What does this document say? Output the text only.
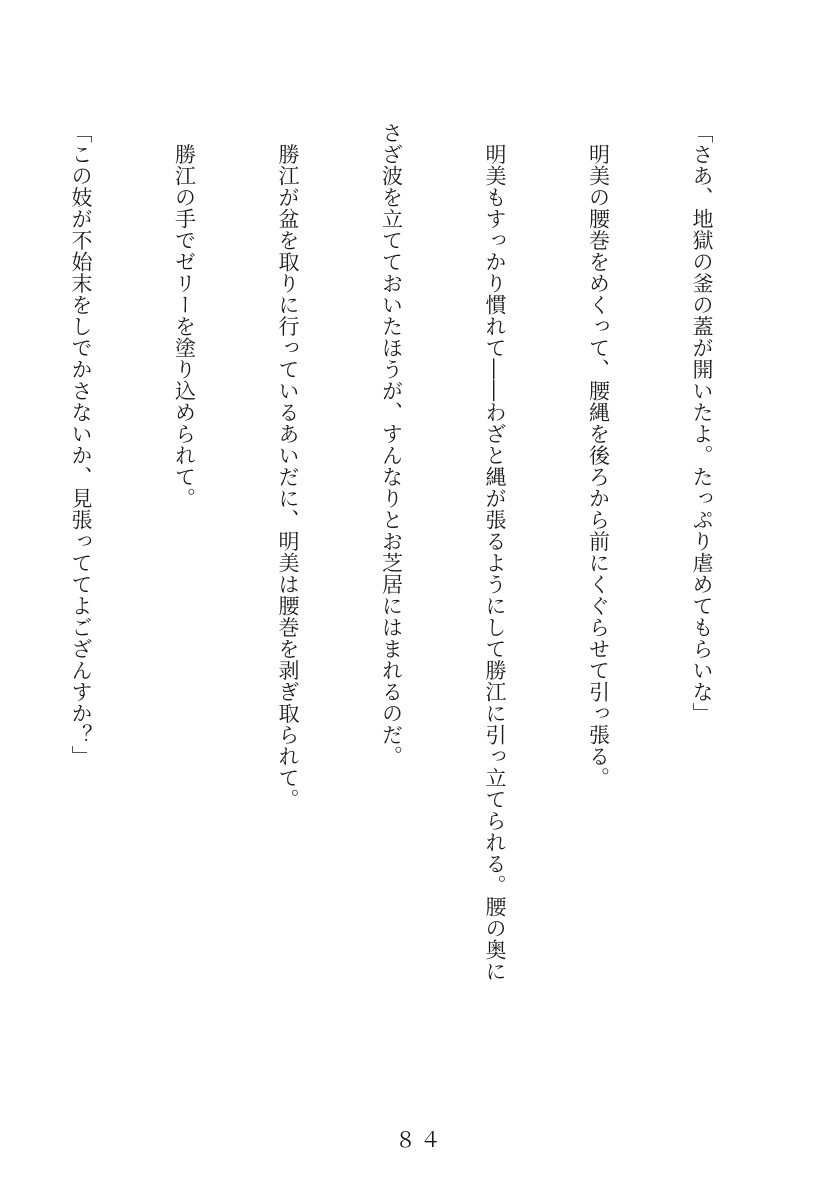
「さあ、地獄の釜の蓋が開いたよ。たっぷり虐めてもらいな」

　明美の腰巻をめくって、腰縄を後ろから前にくぐらせて引っ張る。

　明美もすっかり慣れて――わざと縄が張るようにして勝江に引っ立てられる。腰の奥に

さざ波を立てておいたほうが、すんなりとお芝居にはまれるのだ。

　勝江が盆を取りに行っているあいだに、明美は腰巻を剥ぎ取られて。

　勝江の手でゼリーを塗り込められて。

「この妓が不始末をしでかさないか、見張っててよござんすか？」

８４
